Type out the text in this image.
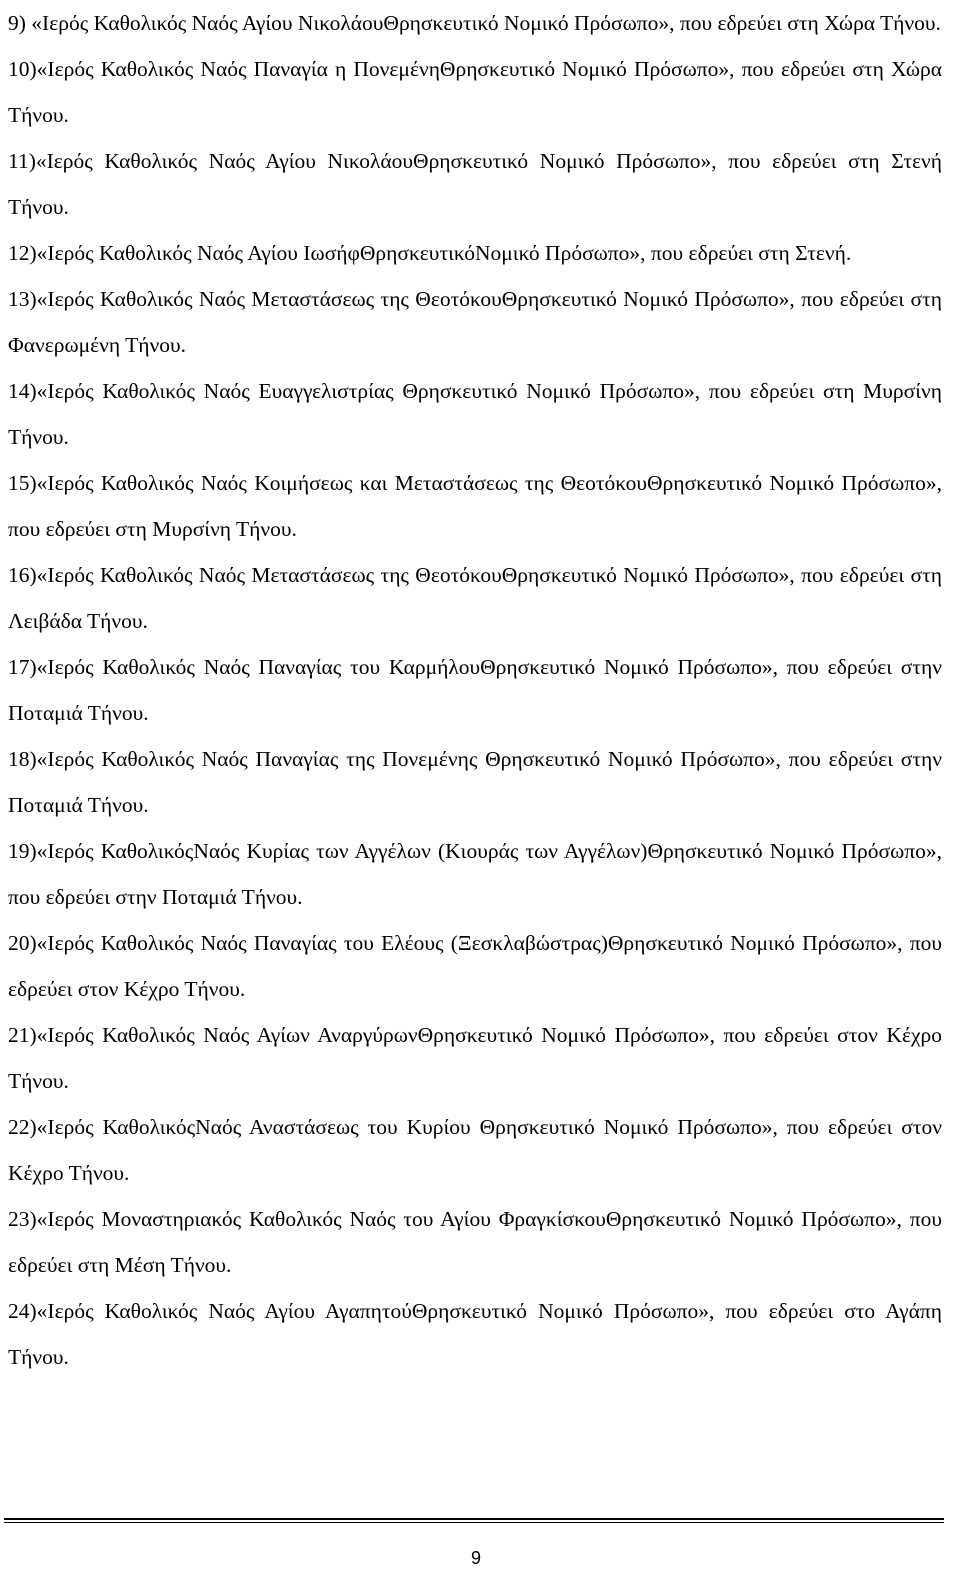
9) «Ιερός Καθολικός Ναός Αγίου ΝικολάουΘρησκευτικό Νομικό Πρόσωπο», που εδρεύει στη Χώρα Τήνου.

10)«Ιερός Καθολικός Ναός Παναγία η ΠονεμένηΘρησκευτικό Νομικό Πρόσωπο», που εδρεύει στη Χώρα Τήνου.

11)«Ιερός Καθολικός Ναός Αγίου ΝικολάουΘρησκευτικό Νομικό Πρόσωπο», που εδρεύει στη Στενή Τήνου.

12)«Ιερός Καθολικός Ναός Αγίου ΙωσήφΘρησκευτικόΝομικό Πρόσωπο», που εδρεύει στη Στενή.

13)«Ιερός Καθολικός Ναός Μεταστάσεως της ΘεοτόκουΘρησκευτικό Νομικό Πρόσωπο», που εδρεύει στη Φανερωμένη Τήνου.

14)«Ιερός Καθολικός Ναός Ευαγγελιστρίας Θρησκευτικό Νομικό Πρόσωπο», που εδρεύει στη Μυρσίνη Τήνου.

15)«Ιερός Καθολικός Ναός Κοιμήσεως και Μεταστάσεως της ΘεοτόκουΘρησκευτικό Νομικό Πρόσωπο», που εδρεύει στη Μυρσίνη Τήνου.

16)«Ιερός Καθολικός Ναός Μεταστάσεως της ΘεοτόκουΘρησκευτικό Νομικό Πρόσωπο», που εδρεύει στη Λειβάδα Τήνου.

17)«Ιερός Καθολικός Ναός Παναγίας του ΚαρμήλουΘρησκευτικό Νομικό Πρόσωπο», που εδρεύει στην Ποταμιά Τήνου.

18)«Ιερός Καθολικός Ναός Παναγίας της Πονεμένης Θρησκευτικό Νομικό Πρόσωπο», που εδρεύει στην Ποταμιά Τήνου.

19)«Ιερός ΚαθολικόςΝαός Κυρίας των Αγγέλων (Κιουράς των Αγγέλων)Θρησκευτικό Νομικό Πρόσωπο», που εδρεύει στην Ποταμιά Τήνου.

20)«Ιερός Καθολικός Ναός Παναγίας του Ελέους (Ξεσκλαβώστρας)Θρησκευτικό Νομικό Πρόσωπο», που εδρεύει στον Κέχρο Τήνου.

21)«Ιερός Καθολικός Ναός Αγίων ΑναργύρωνΘρησκευτικό Νομικό Πρόσωπο», που εδρεύει στον Κέχρο Τήνου.

22)«Ιερός ΚαθολικόςΝαός Αναστάσεως του Κυρίου Θρησκευτικό Νομικό Πρόσωπο», που εδρεύει στον Κέχρο Τήνου.

23)«Ιερός Μοναστηριακός Καθολικός Ναός του Αγίου ΦραγκίσκουΘρησκευτικό Νομικό Πρόσωπο», που εδρεύει στη Μέση Τήνου.

24)«Ιερός Καθολικός Ναός Αγίου ΑγαπητούΘρησκευτικό Νομικό Πρόσωπο», που εδρεύει στο Αγάπη Τήνου.

9
